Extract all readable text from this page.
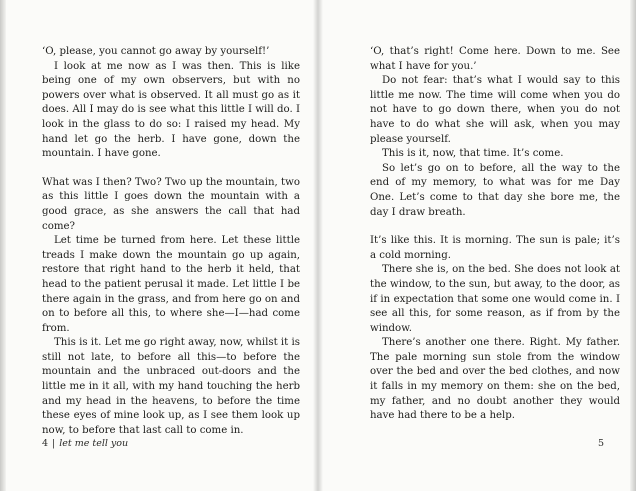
‘O, please, you cannot go away by yourself!’

I look at me now as I was then. This is like being one of my own observers, but with no powers over what is observed. It all must go as it does. All I may do is see what this little I will do. I look in the glass to do so: I raised my head. My hand let go the herb. I have gone, down the mountain. I have gone.

What was I then? Two? Two up the mountain, two as this little I goes down the mountain with a good grace, as she answers the call that had come?

Let time be turned from here. Let these little treads I make down the mountain go up again, restore that right hand to the herb it held, that head to the patient perusal it made. Let little I be there again in the grass, and from here go on and on to before all this, to where she—I—had come from.

This is it. Let me go right away, now, whilst it is still not late, to before all this—to before the mountain and the unbraced out-doors and the little me in it all, with my hand touching the herb and my head in the heavens, to before the time these eyes of mine look up, as I see them look up now, to before that last call to come in.

4 | let me tell you

‘O, that’s right! Come here. Down to me. See what I have for you.’

Do not fear: that’s what I would say to this little me now. The time will come when you do not have to go down there, when you do not have to do what she will ask, when you may please yourself.

This is it, now, that time. It’s come.

So let’s go on to before, all the way to the end of my memory, to what was for me Day One. Let’s come to that day she bore me, the day I draw breath.

It’s like this. It is morning. The sun is pale; it’s a cold morning.

There she is, on the bed. She does not look at the window, to the sun, but away, to the door, as if in expectation that some one would come in. I see all this, for some reason, as if from by the window.

There’s another one there. Right. My father. The pale morning sun stole from the window over the bed and over the bed clothes, and now it falls in my memory on them: she on the bed, my father, and no doubt another they would have had there to be a help.

5
